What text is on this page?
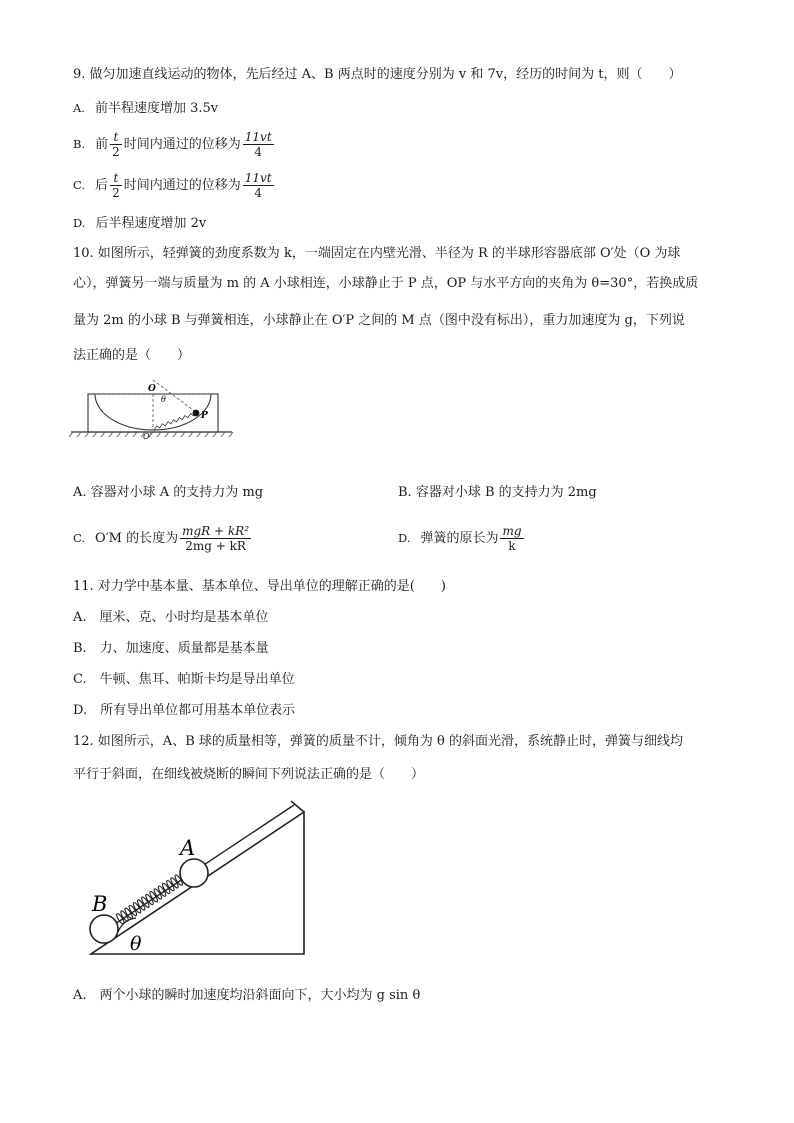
9. 做匀加速直线运动的物体，先后经过 A、B 两点时的速度分别为 v 和 7v，经历的时间为 t，则（　　）
A. 前半程速度增加 3.5v
B. 前 $\frac{t}{2}$ 时间内通过的位移为 $\frac{11vt}{4}$
C. 后 $\frac{t}{2}$ 时间内通过的位移为 $\frac{11vt}{4}$
D. 后半程速度增加 2v
10. 如图所示，轻弹簧的劲度系数为 k，一端固定在内壁光滑、半径为 R 的半球形容器底部 O′处（O 为球
心），弹簧另一端与质量为 m 的 A 小球相连，小球静止于 P 点，OP 与水平方向的夹角为 θ=30°，若换成质
量为 2m 的小球 B 与弹簧相连，小球静止在 O′P 之间的 M 点（图中没有标出），重力加速度为 g，下列说
法正确的是（　　）
O
θ
P
O′
A. 容器对小球 A 的支持力为 mg	B. 容器对小球 B 的支持力为 2mg
C. O′M 的长度为 $\frac{\text{mgR + kR²}}{2mg + kR}$	D. 弹簧的原长为 $\frac{mg}{k}$
11. 对力学中基本量、基本单位、导出单位的理解正确的是(　　)
A.　厘米、克、小时均是基本单位
B.　力、加速度、质量都是基本量
C.　牛顿、焦耳、帕斯卡均是导出单位
D.　所有导出单位都可用基本单位表示
12. 如图所示，A、B 球的质量相等，弹簧的质量不计，倾角为 θ 的斜面光滑，系统静止时，弹簧与细线均
平行于斜面，在细线被烧断的瞬间下列说法正确的是（　　）
A
B
θ
A.　两个小球的瞬时加速度均沿斜面向下，大小均为 g sin θ
